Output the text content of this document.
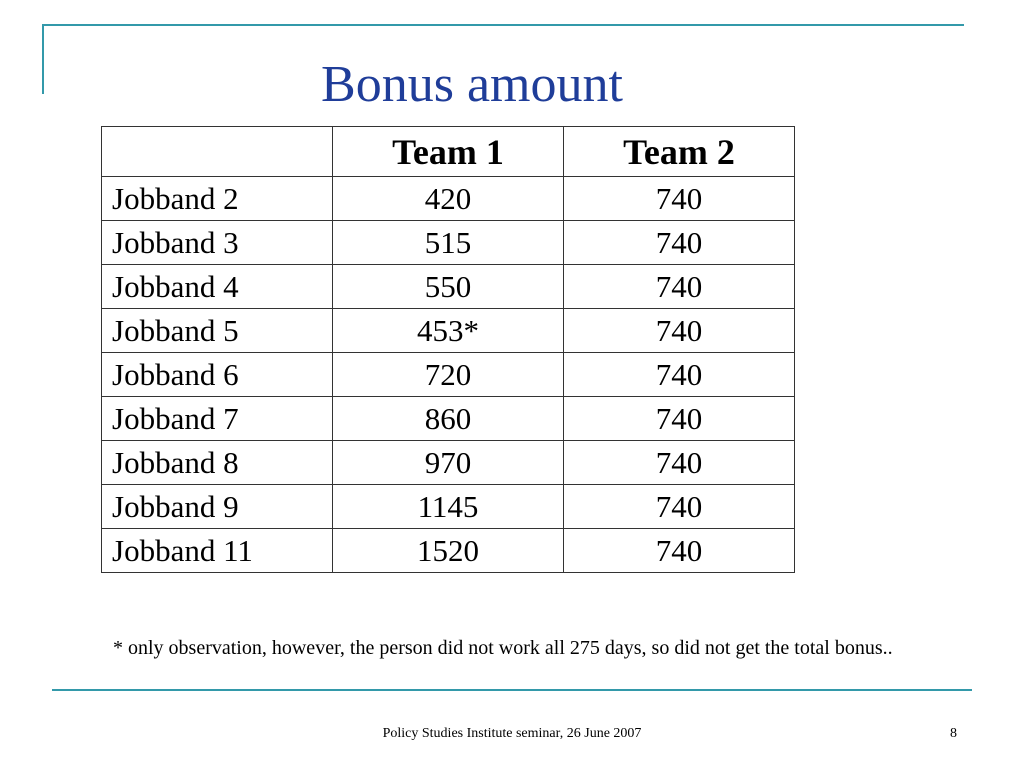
Bonus amount
	Team 1	Team 2
Jobband 2	420	740
Jobband 3	515	740
Jobband 4	550	740
Jobband 5	453*	740
Jobband 6	720	740
Jobband 7	860	740
Jobband 8	970	740
Jobband 9	1145	740
Jobband 11	1520	740
* only observation, however, the person did not work all 275 days, so did not get the total bonus..
Policy Studies Institute seminar, 26 June 2007	8
